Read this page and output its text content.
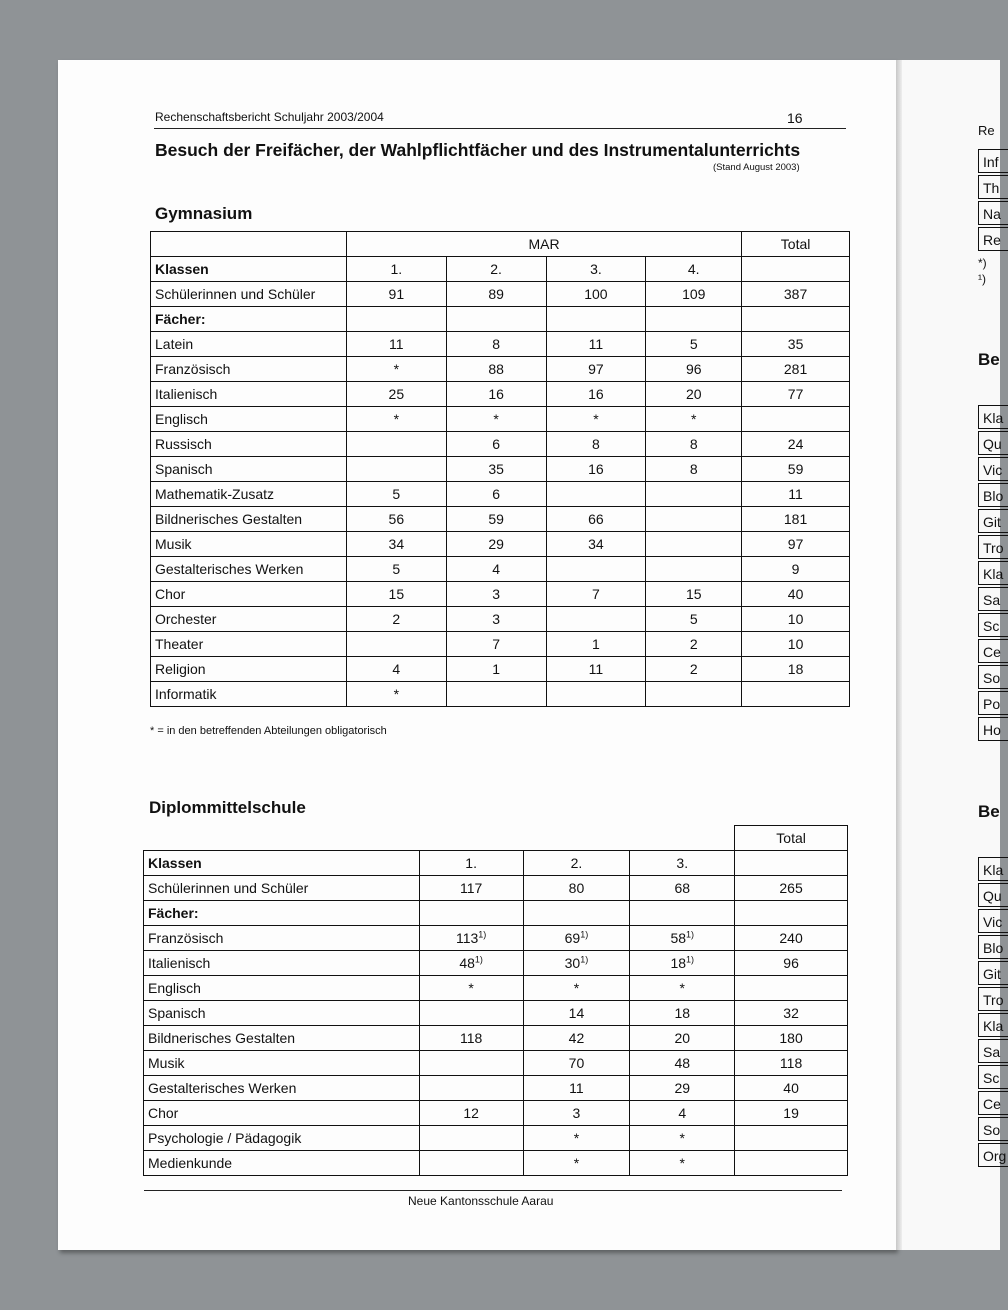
Rechenschaftsbericht Schuljahr 2003/2004	16
Besuch der Freifächer, der Wahlpflichtfächer und des Instrumentalunterrichts
(Stand August 2003)
Gymnasium
	MAR				Total
Klassen	1.	2.	3.	4.	
Schülerinnen und Schüler	91	89	100	109	387
Fächer:					
Latein	11	8	11	5	35
Französisch	*	88	97	96	281
Italienisch	25	16	16	20	77
Englisch	*	*	*	*	
Russisch		6	8	8	24
Spanisch		35	16	8	59
Mathematik-Zusatz	5	6			11
Bildnerisches Gestalten	56	59	66		181
Musik	34	29	34		97
Gestalterisches Werken	5	4			9
Chor	15	3	7	15	40
Orchester	2	3		5	10
Theater		7	1	2	10
Religion	4	1	11	2	18
Informatik	*				
* = in den betreffenden Abteilungen obligatorisch
Diplommittelschule
				Total
Klassen	1.	2.	3.	
Schülerinnen und Schüler	117	80	68	265
Fächer:				
Französisch	113$^{1)}$	69$^{1)}$	58$^{1)}$	240
Italienisch	48$^{1)}$	30$^{1)}$	18$^{1)}$	96
Englisch	*	*	*	
Spanisch		14	18	32
Bildnerisches Gestalten	118	42	20	180
Musik		70	48	118
Gestalterisches Werken		11	29	40
Chor	12	3	4	19
Psychologie / Pädagogik		*	*	
Medienkunde		*	*	
Neue Kantonsschule Aarau
Re
*)
¹)
Be
Be
Inf
Th
Na
Re
Kla
Qu
Vic
Blo
Git
Tro
Kla
Sa
Sc
Ce
So
Po
Ho
Kla
Qu
Vic
Blo
Git
Tro
Kla
Sa
Sc
Ce
So
Org
